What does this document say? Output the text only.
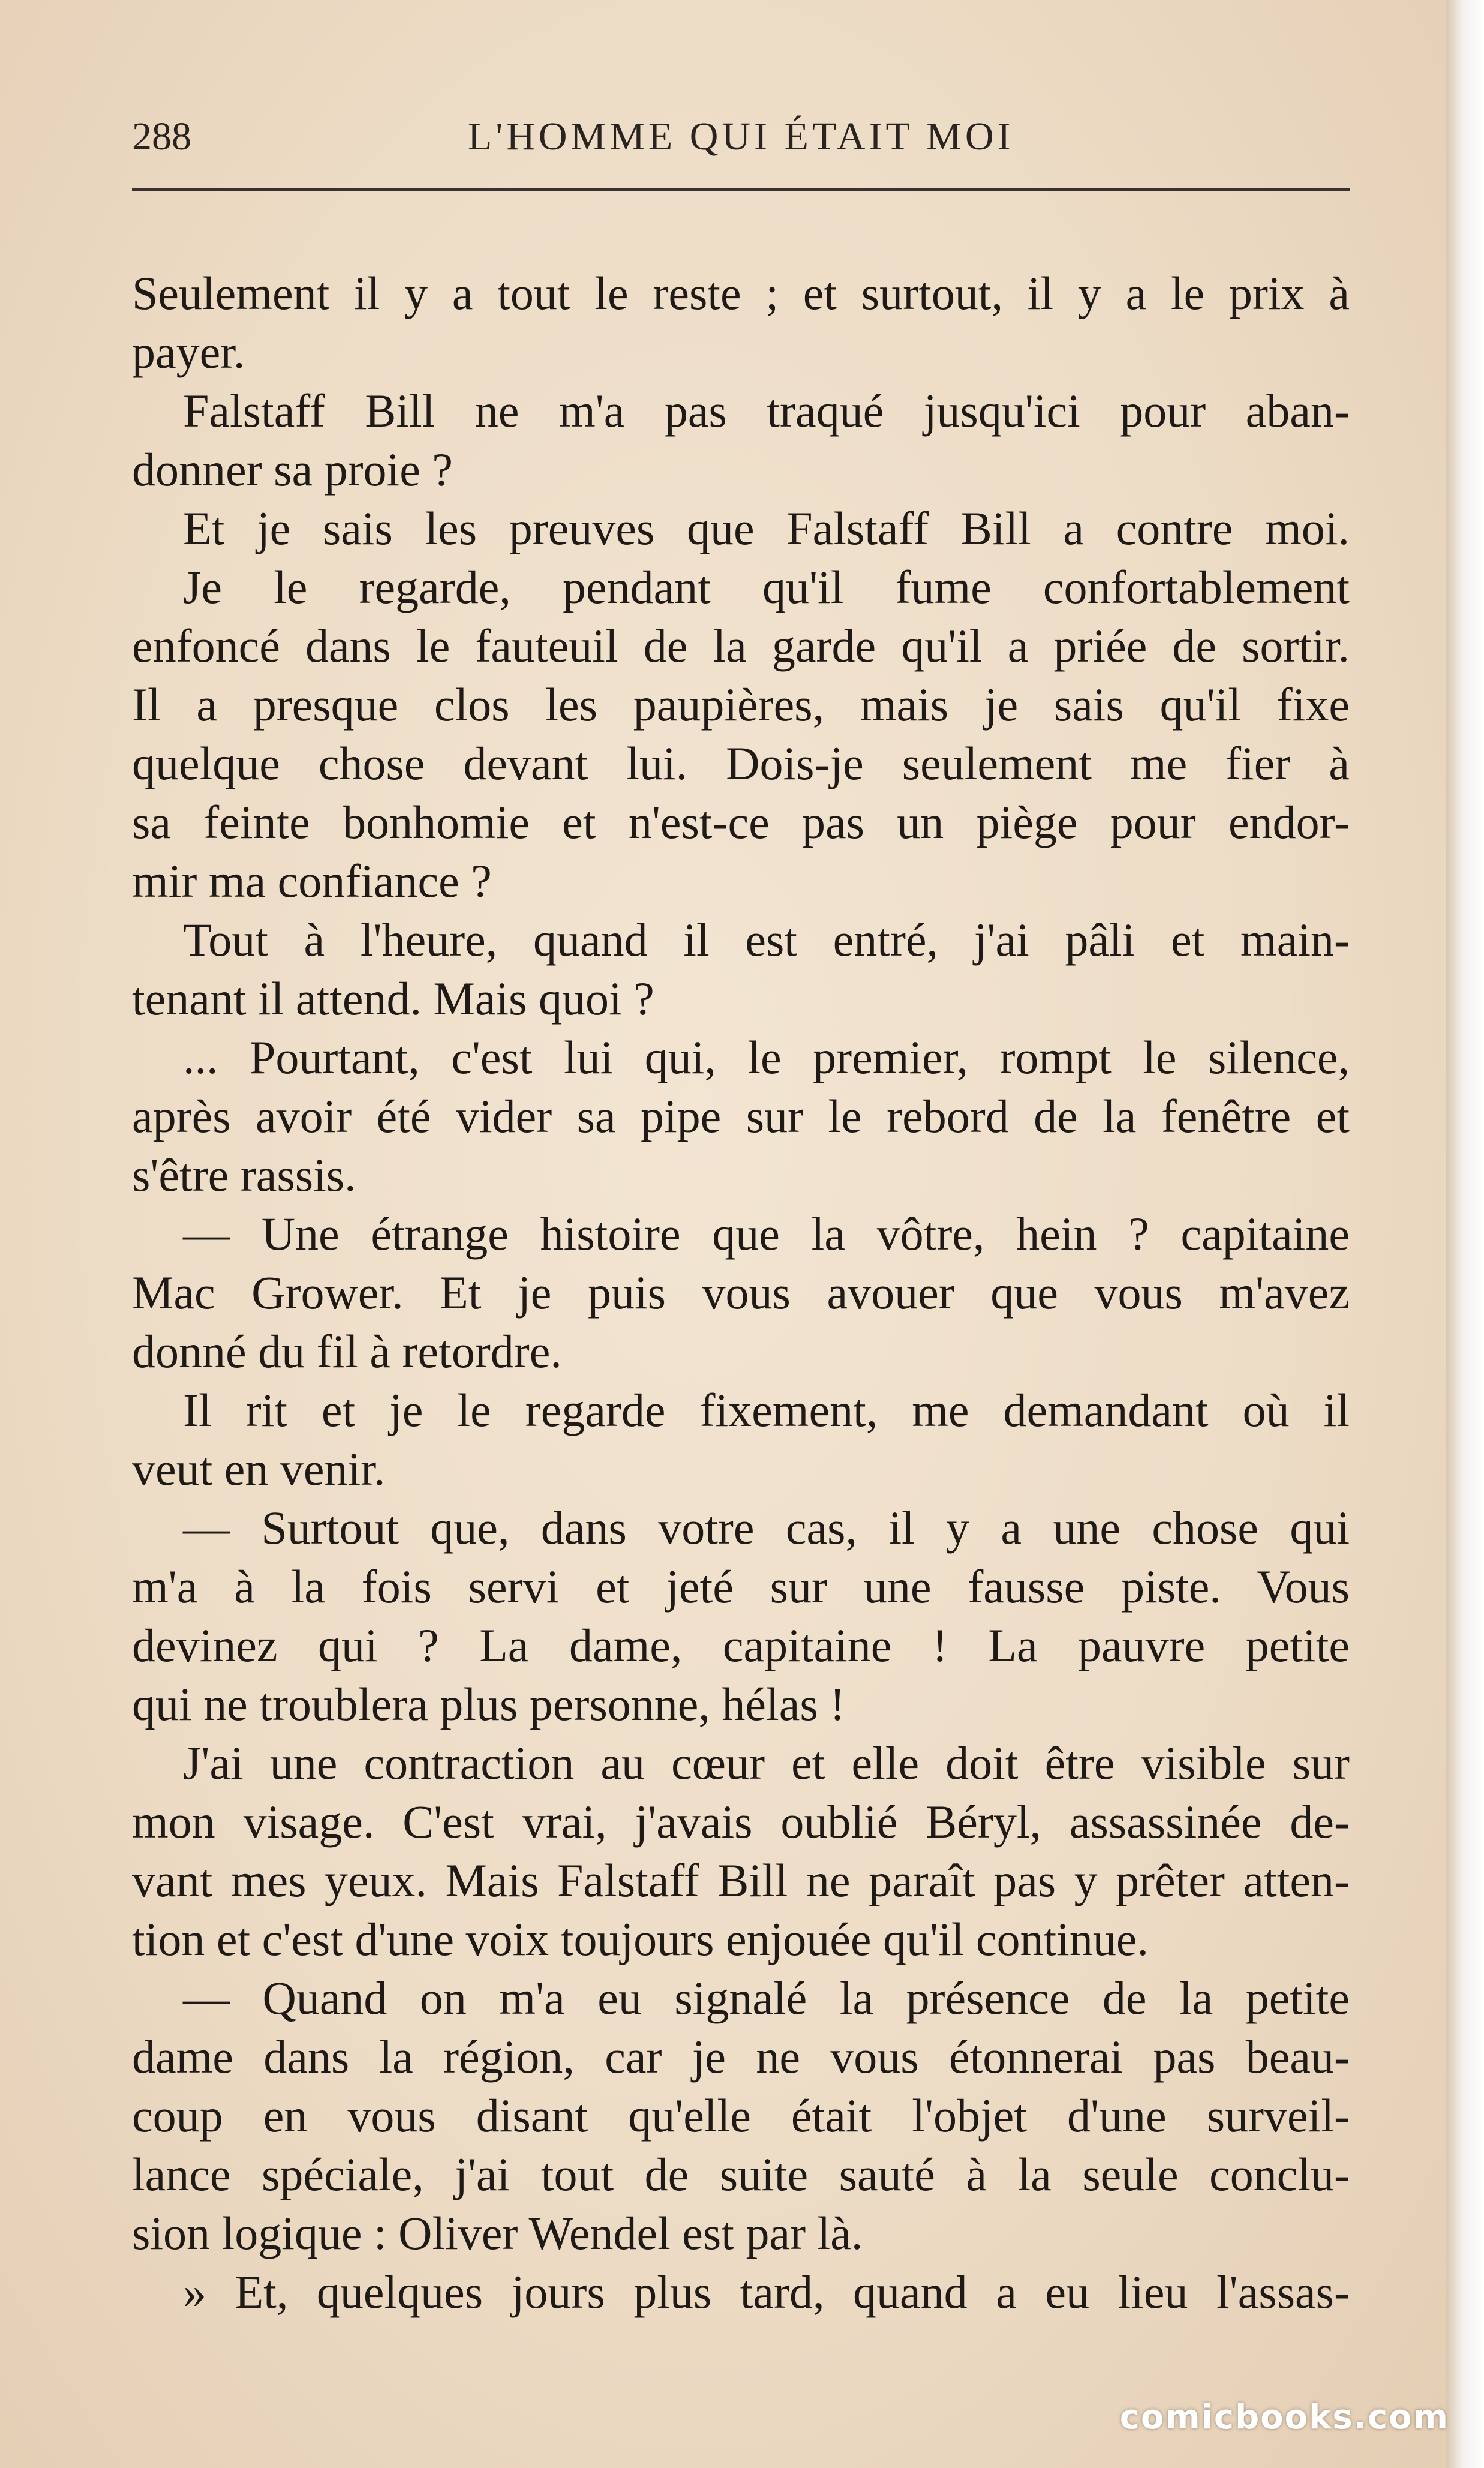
288	L'HOMME QUI ÉTAIT MOI
Seulement il y a tout le reste ; et surtout, il y a le prix à
payer.
Falstaff Bill ne m'a pas traqué jusqu'ici pour aban-
donner sa proie ?
Et je sais les preuves que Falstaff Bill a contre moi.
Je le regarde, pendant qu'il fume confortablement
enfoncé dans le fauteuil de la garde qu'il a priée de sortir.
Il a presque clos les paupières, mais je sais qu'il fixe
quelque chose devant lui. Dois-je seulement me fier à
sa feinte bonhomie et n'est-ce pas un piège pour endor-
mir ma confiance ?
Tout à l'heure, quand il est entré, j'ai pâli et main-
tenant il attend. Mais quoi ?
... Pourtant, c'est lui qui, le premier, rompt le silence,
après avoir été vider sa pipe sur le rebord de la fenêtre et
s'être rassis.
— Une étrange histoire que la vôtre, hein ? capitaine
Mac Grower. Et je puis vous avouer que vous m'avez
donné du fil à retordre.
Il rit et je le regarde fixement, me demandant où il
veut en venir.
— Surtout que, dans votre cas, il y a une chose qui
m'a à la fois servi et jeté sur une fausse piste. Vous
devinez qui ? La dame, capitaine ! La pauvre petite
qui ne troublera plus personne, hélas !
J'ai une contraction au cœur et elle doit être visible sur
mon visage. C'est vrai, j'avais oublié Béryl, assassinée de-
vant mes yeux. Mais Falstaff Bill ne paraît pas y prêter atten-
tion et c'est d'une voix toujours enjouée qu'il continue.
— Quand on m'a eu signalé la présence de la petite
dame dans la région, car je ne vous étonnerai pas beau-
coup en vous disant qu'elle était l'objet d'une surveil-
lance spéciale, j'ai tout de suite sauté à la seule conclu-
sion logique : Oliver Wendel est par là.
» Et, quelques jours plus tard, quand a eu lieu l'assas-
comicbooks.com
